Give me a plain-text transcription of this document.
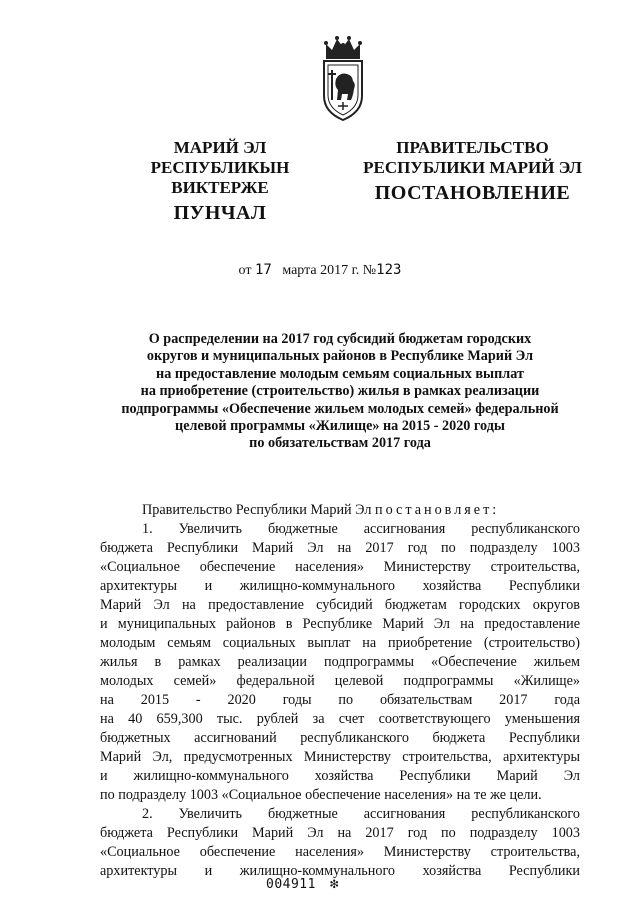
МАРИЙ ЭЛ РЕСПУБЛИКЫН
ВИКТЕРЖЕ
ПУНЧАЛ
ПРАВИТЕЛЬСТВО
РЕСПУБЛИКИ МАРИЙ ЭЛ
ПОСТАНОВЛЕНИЕ
от 17 марта 2017 г. №123
О распределении на 2017 год субсидий бюджетам городских
округов и муниципальных районов в Республике Марий Эл
на предоставление молодым семьям социальных выплат
на приобретение (строительство) жилья в рамках реализации
подпрограммы «Обеспечение жильем молодых семей» федеральной
целевой программы «Жилище» на 2015 - 2020 годы
по обязательствам 2017 года

Правительство Республики Марий Эл постановляет:

1. Увеличить бюджетные ассигнования республиканского

бюджета Республики Марий Эл на 2017 год по подразделу 1003

«Социальное обеспечение населения» Министерству строительства,

архитектуры и жилищно-коммунального хозяйства Республики

Марий Эл на предоставление субсидий бюджетам городских округов

и муниципальных районов в Республике Марий Эл на предоставление

молодым семьям социальных выплат на приобретение (строительство)

жилья в рамках реализации подпрограммы «Обеспечение жильем

молодых семей» федеральной целевой подпрограммы «Жилище»

на 2015 - 2020 годы по обязательствам 2017 года

на 40 659,300 тыс. рублей за счет соответствующего уменьшения

бюджетных ассигнований республиканского бюджета Республики

Марий Эл, предусмотренных Министерству строительства, архитектуры

и жилищно-коммунального хозяйства Республики Марий Эл

по подразделу 1003 «Социальное обеспечение населения» на те же цели.

2. Увеличить бюджетные ассигнования республиканского

бюджета Республики Марий Эл на 2017 год по подразделу 1003

«Социальное обеспечение населения» Министерству строительства,

архитектуры и жилищно-коммунального хозяйства Республики

004911 ❇
